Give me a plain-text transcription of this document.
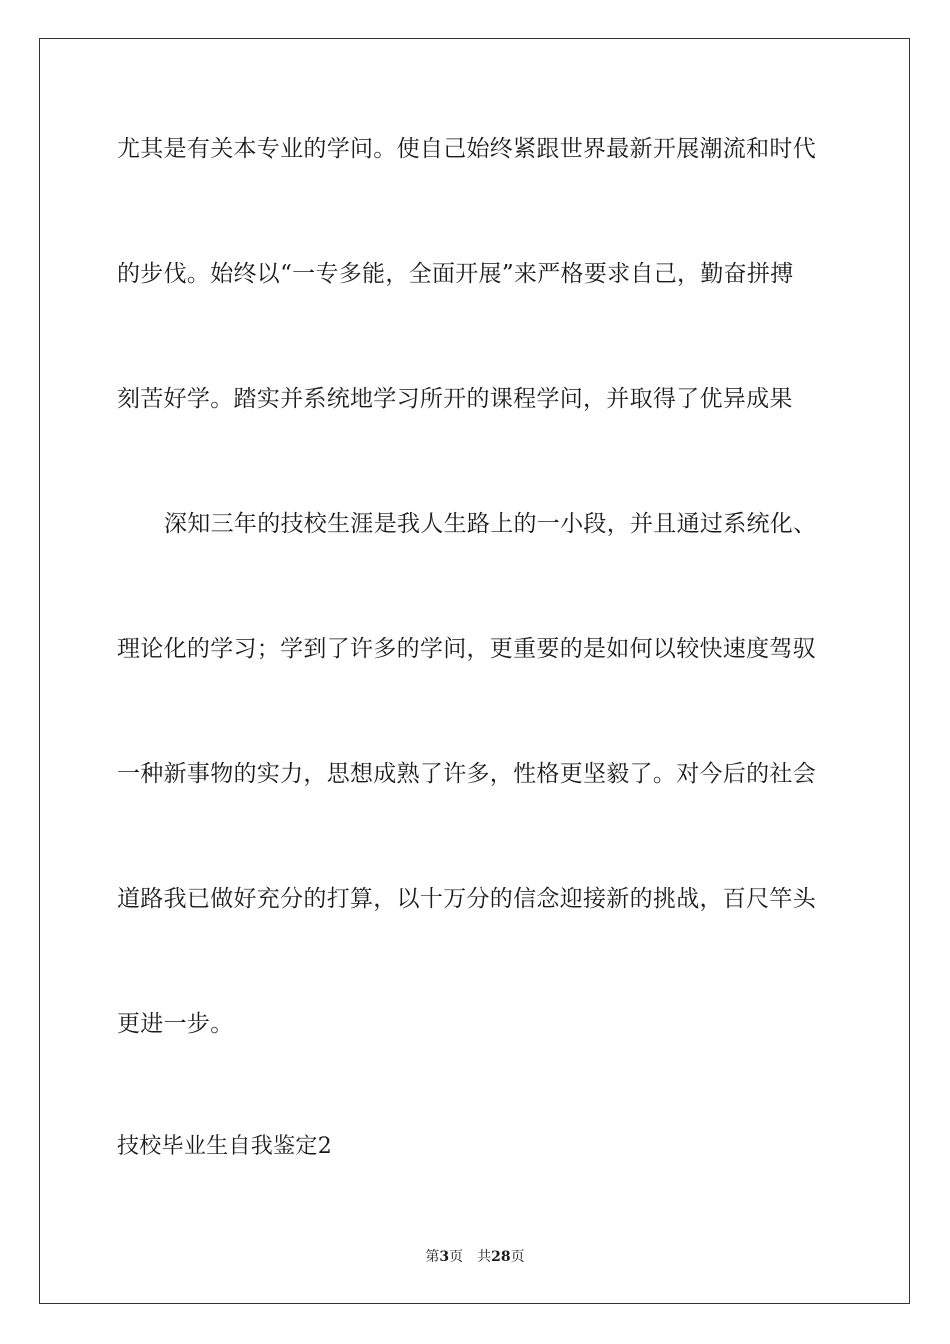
尤其是有关本专业的学问。使自己始终紧跟世界最新开展潮流和时代
的步伐。始终以“一专多能，全面开展”来严格要求自己，勤奋拼搏
刻苦好学。踏实并系统地学习所开的课程学问，并取得了优异成果
深知三年的技校生涯是我人生路上的一小段，并且通过系统化、
理论化的学习；学到了许多的学问，更重要的是如何以较快速度驾驭
一种新事物的实力，思想成熟了许多，性格更坚毅了。对今后的社会
道路我已做好充分的打算，以十万分的信念迎接新的挑战，百尺竿头
更进一步。
技校毕业生自我鉴定2
第3页 共28页
